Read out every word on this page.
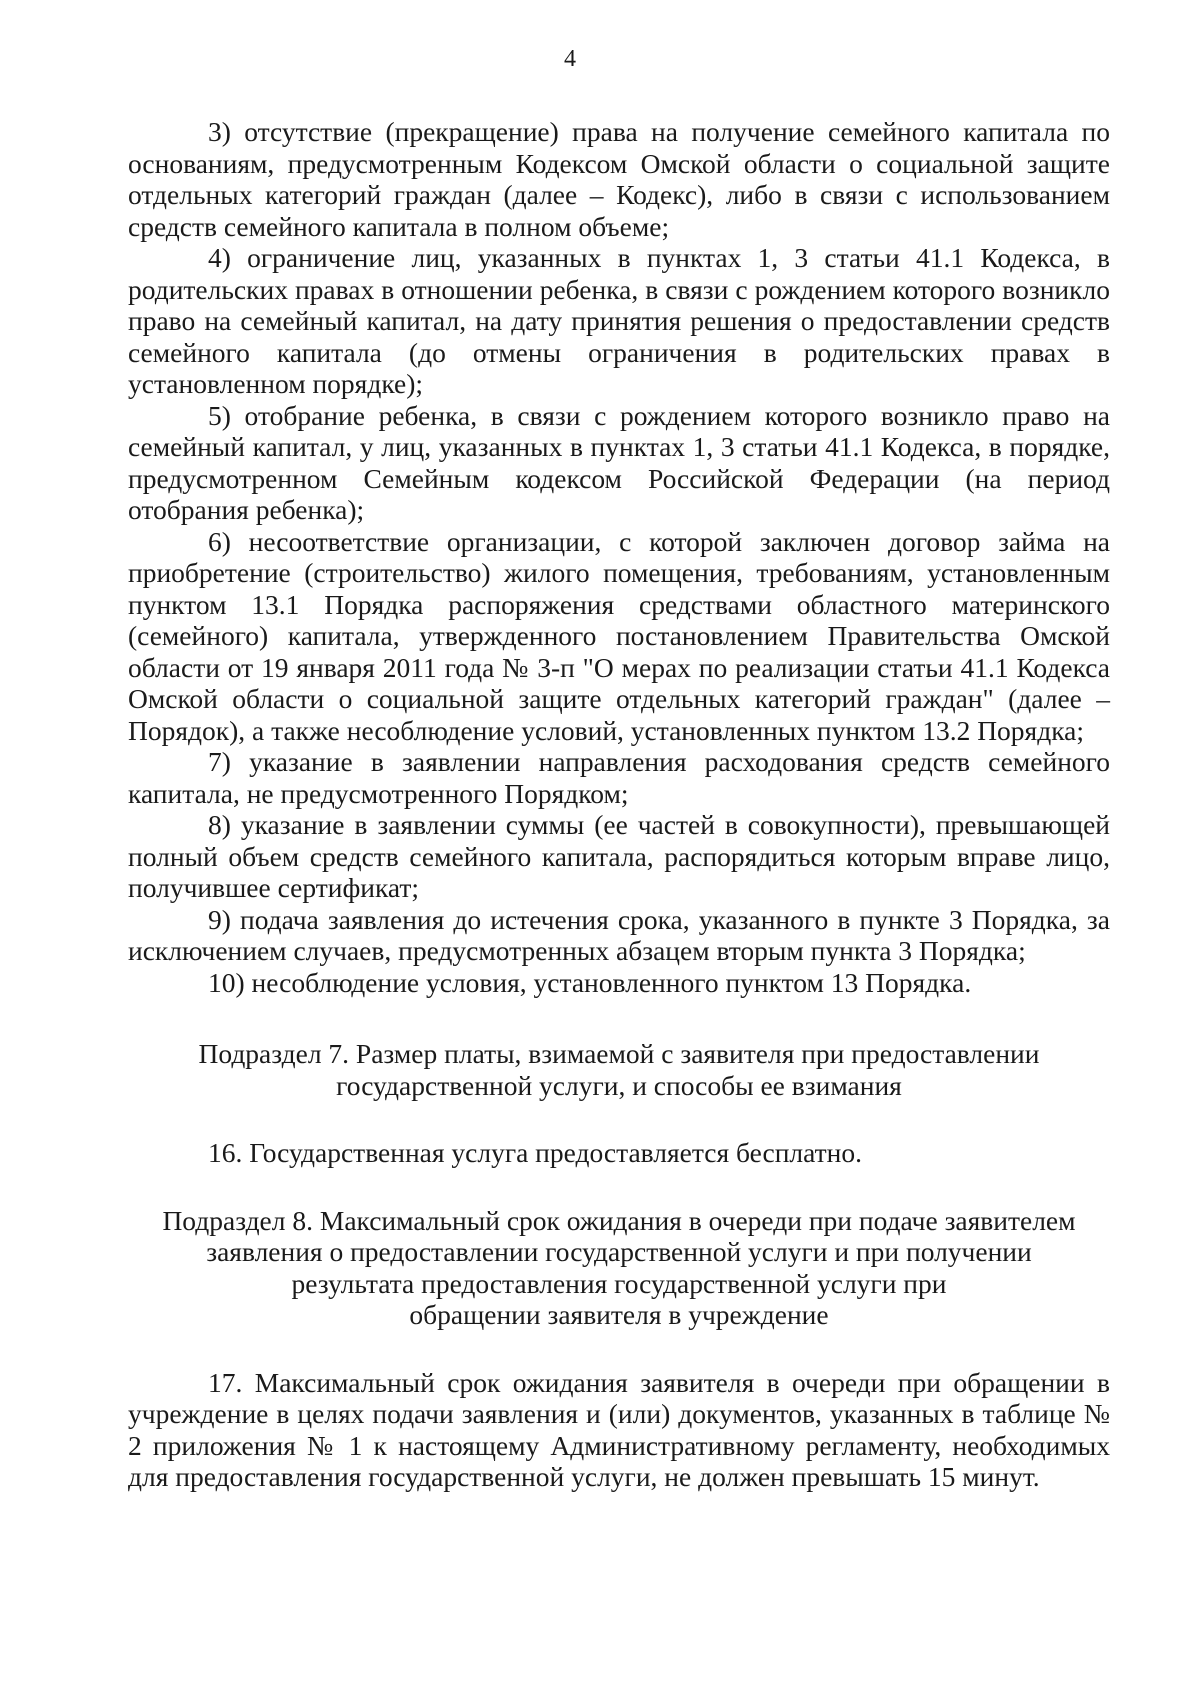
4

3) отсутствие (прекращение) права на получение семейного капитала по основаниям, предусмотренным Кодексом Омской области о социальной защите отдельных категорий граждан (далее – Кодекс), либо в связи с использованием средств семейного капитала в полном объеме;

4) ограничение лиц, указанных в пунктах 1, 3 статьи 41.1 Кодекса, в родительских правах в отношении ребенка, в связи с рождением которого возникло право на семейный капитал, на дату принятия решения о предоставлении средств семейного капитала (до отмены ограничения в родительских правах в установленном порядке);

5) отобрание ребенка, в связи с рождением которого возникло право на семейный капитал, у лиц, указанных в пунктах 1, 3 статьи 41.1 Кодекса, в порядке, предусмотренном Семейным кодексом Российской Федерации (на период отобрания ребенка);

6) несоответствие организации, с которой заключен договор займа на приобретение (строительство) жилого помещения, требованиям, установленным пунктом 13.1 Порядка распоряжения средствами областного материнского (семейного) капитала, утвержденного постановлением Правительства Омской области от 19 января 2011 года № 3-п "О мерах по реализации статьи 41.1 Кодекса Омской области о социальной защите отдельных категорий граждан" (далее – Порядок), а также несоблюдение условий, установленных пунктом 13.2 Порядка;

7) указание в заявлении направления расходования средств семейного капитала, не предусмотренного Порядком;

8) указание в заявлении суммы (ее частей в совокупности), превышающей полный объем средств семейного капитала, распорядиться которым вправе лицо, получившее сертификат;

9) подача заявления до истечения срока, указанного в пункте 3 Порядка, за исключением случаев, предусмотренных абзацем вторым пункта 3 Порядка;

10) несоблюдение условия, установленного пунктом 13 Порядка.

Подраздел 7. Размер платы, взимаемой с заявителя при предоставлении

государственной услуги, и способы ее взимания

16. Государственная услуга предоставляется бесплатно.

Подраздел 8. Максимальный срок ожидания в очереди при подаче заявителем

заявления о предоставлении государственной услуги и при получении

результата предоставления государственной услуги при

обращении заявителя в учреждение

17. Максимальный срок ожидания заявителя в очереди при обращении в учреждение в целях подачи заявления и (или) документов, указанных в таблице № 2 приложения № 1 к настоящему Административному регламенту, необходимых для предоставления государственной услуги, не должен превышать 15 минут.
